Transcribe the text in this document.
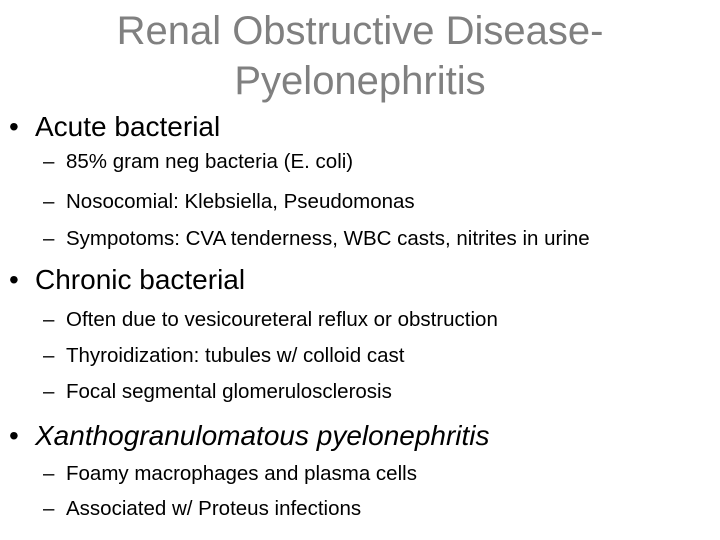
Renal Obstructive Disease-
Pyelonephritis
• Acute bacterial
– 85% gram neg bacteria (E. coli)
– Nosocomial: Klebsiella, Pseudomonas
– Sympotoms: CVA tenderness, WBC casts, nitrites in urine
• Chronic bacterial
– Often due to vesicoureteral reflux or obstruction
– Thyroidization: tubules w/ colloid cast
– Focal segmental glomerulosclerosis
• Xanthogranulomatous pyelonephritis
– Foamy macrophages and plasma cells
– Associated w/ Proteus infections
